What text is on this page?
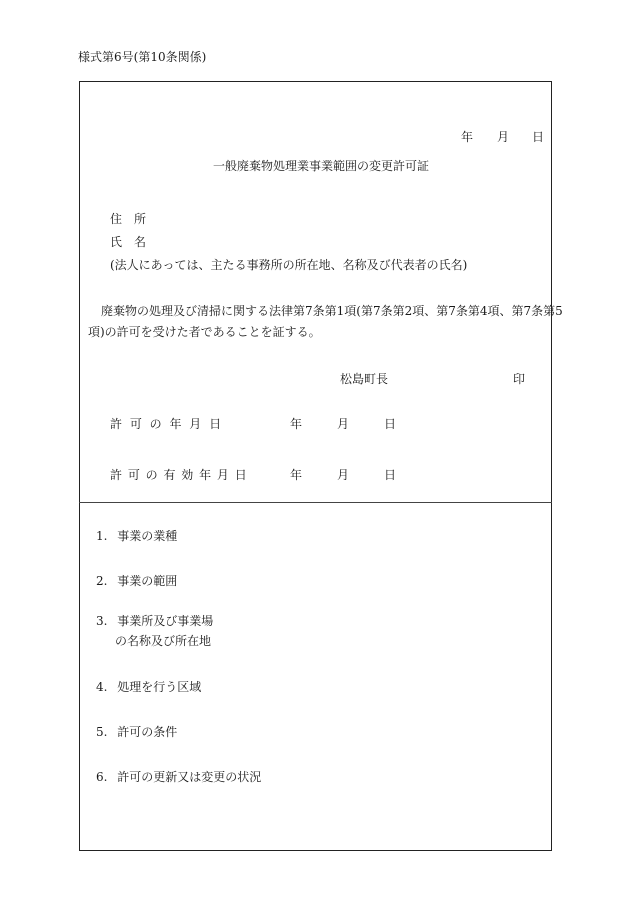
様式第6号(第10条関係)
年 月 日
一般廃棄物処理業事業範囲の変更許可証
住　所
氏　名
(法人にあっては、主たる事務所の所在地、名称及び代表者の氏名)
廃棄物の処理及び清掃に関する法律第7条第1項(第7条第2項、第7条第4項、第7条第5
項)の許可を受けた者であることを証する。
松島町長	印
許 可 の 年 月 日	年	月	日
許 可 の 有 効 年 月 日	年	月	日
1. 事業の業種
2. 事業の範囲
3. 事業所及び事業場
の名称及び所在地
4. 処理を行う区域
5. 許可の条件
6. 許可の更新又は変更の状況
